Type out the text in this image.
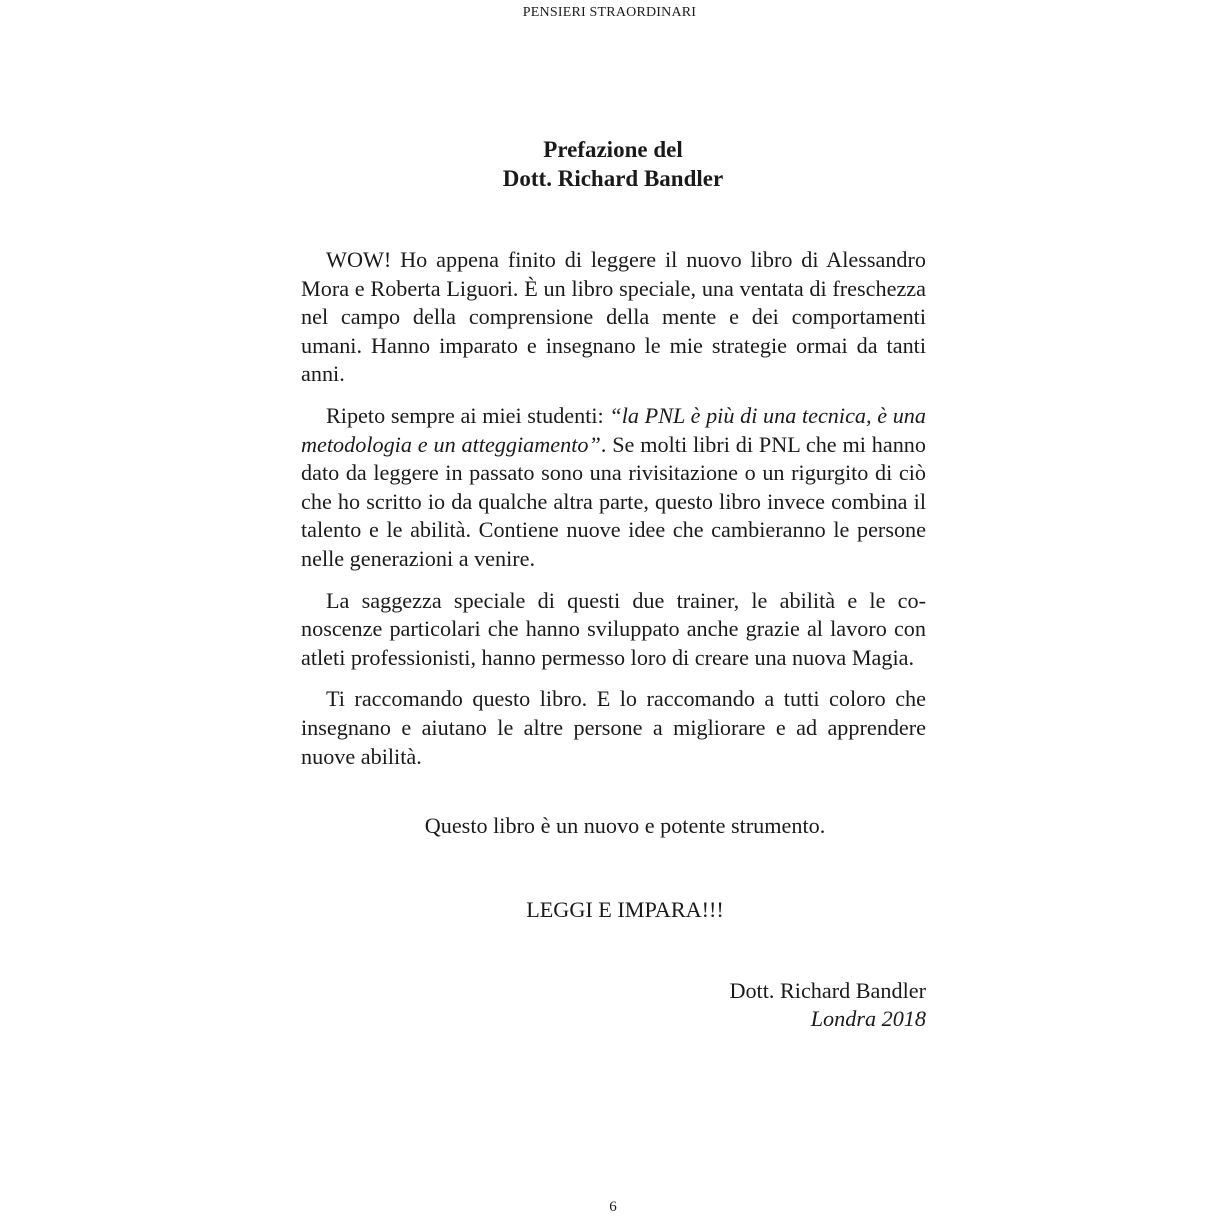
PENSIERI STRAORDINARI
Prefazione del
Dott. Richard Bandler

WOW! Ho appena finito di leggere il nuovo libro di Alessandro Mora e Roberta Liguori. È un libro speciale, una ventata di freschezza nel campo della comprensione della mente e dei comportamenti umani. Hanno imparato e insegnano le mie strategie ormai da tanti anni.

Ripeto sempre ai miei studenti: “la PNL è più di una tecnica, è una metodologia e un atteggiamento”. Se molti libri di PNL che mi hanno dato da leggere in passato sono una rivisitazione o un rigurgito di ciò che ho scritto io da qualche altra parte, questo libro invece combina il talento e le abilità. Contiene nuove idee che cambieranno le persone nelle generazioni a venire.

La saggezza speciale di questi due trainer, le abilità e le conoscenze particolari che hanno sviluppato anche grazie al lavoro con atleti professionisti, hanno permesso loro di creare una nuova Magia.

Ti raccomando questo libro. E lo raccomando a tutti coloro che insegnano e aiutano le altre persone a migliorare e ad apprendere nuove abilità.

Questo libro è un nuovo e potente strumento.
LEGGI E IMPARA!!!
Dott. Richard Bandler
Londra 2018
6
